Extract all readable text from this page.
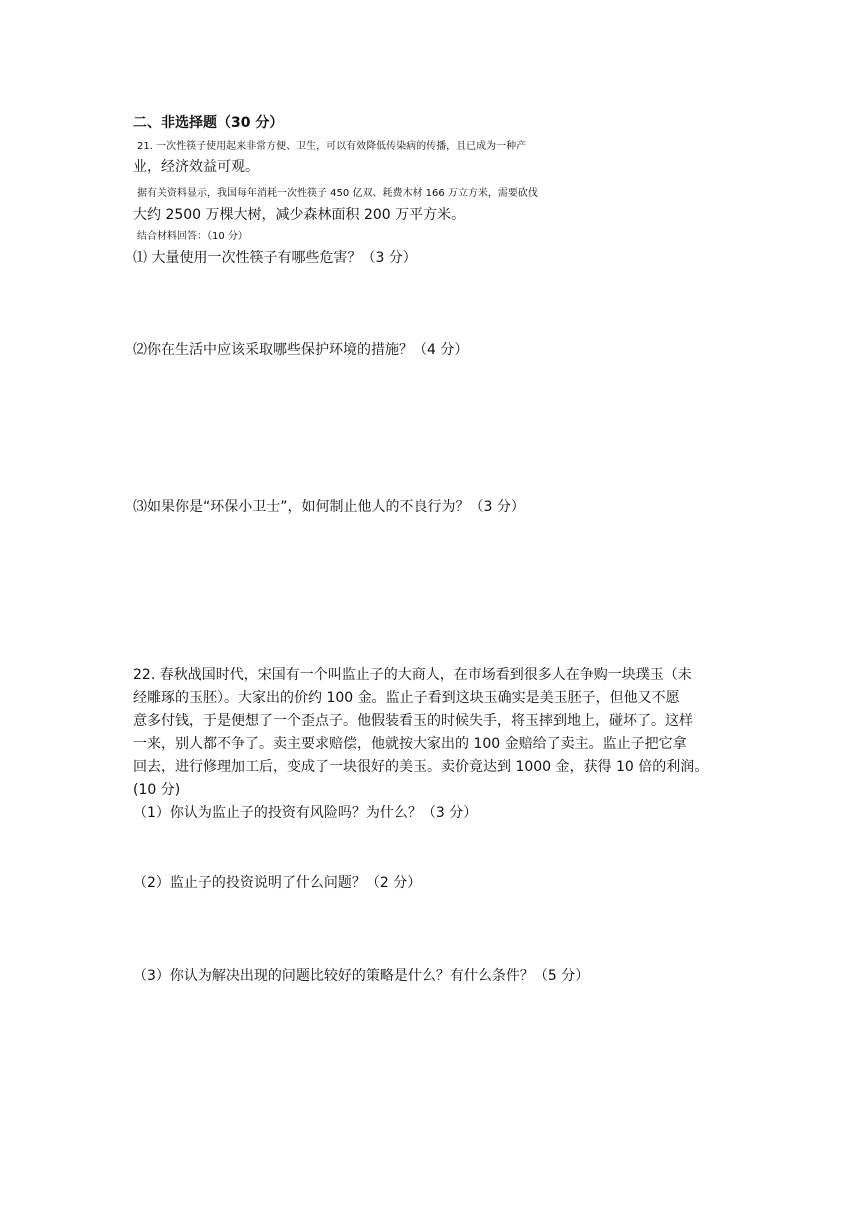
二、非选择题（30 分）

21. 一次性筷子使用起来非常方便、卫生，可以有效降低传染病的传播，且已成为一种产

业，经济效益可观。

据有关资料显示，我国每年消耗一次性筷子 450 亿双、耗费木材 166 万立方米，需要砍伐

大约 2500 万棵大树，减少森林面积 200 万平方米。

结合材料回答：（10 分）

⑴ 大量使用一次性筷子有哪些危害？（3 分）

⑵你在生活中应该采取哪些保护环境的措施？（4 分）

⑶如果你是“环保小卫士”，如何制止他人的不良行为？（3 分）

22. 春秋战国时代，宋国有一个叫监止子的大商人，在市场看到很多人在争购一块璞玉（未

经雕琢的玉胚）。大家出的价约 100 金。监止子看到这块玉确实是美玉胚子，但他又不愿

意多付钱，于是便想了一个歪点子。他假装看玉的时候失手，将玉摔到地上，碰坏了。这样

一来，别人都不争了。卖主要求赔偿，他就按大家出的 100 金赔给了卖主。监止子把它拿

回去，进行修理加工后，变成了一块很好的美玉。卖价竟达到 1000 金，获得 10 倍的利润。

(10 分)

（1）你认为监止子的投资有风险吗？为什么？（3 分）

（2）监止子的投资说明了什么问题？（2 分）

（3）你认为解决出现的问题比较好的策略是什么？有什么条件？（5 分）
